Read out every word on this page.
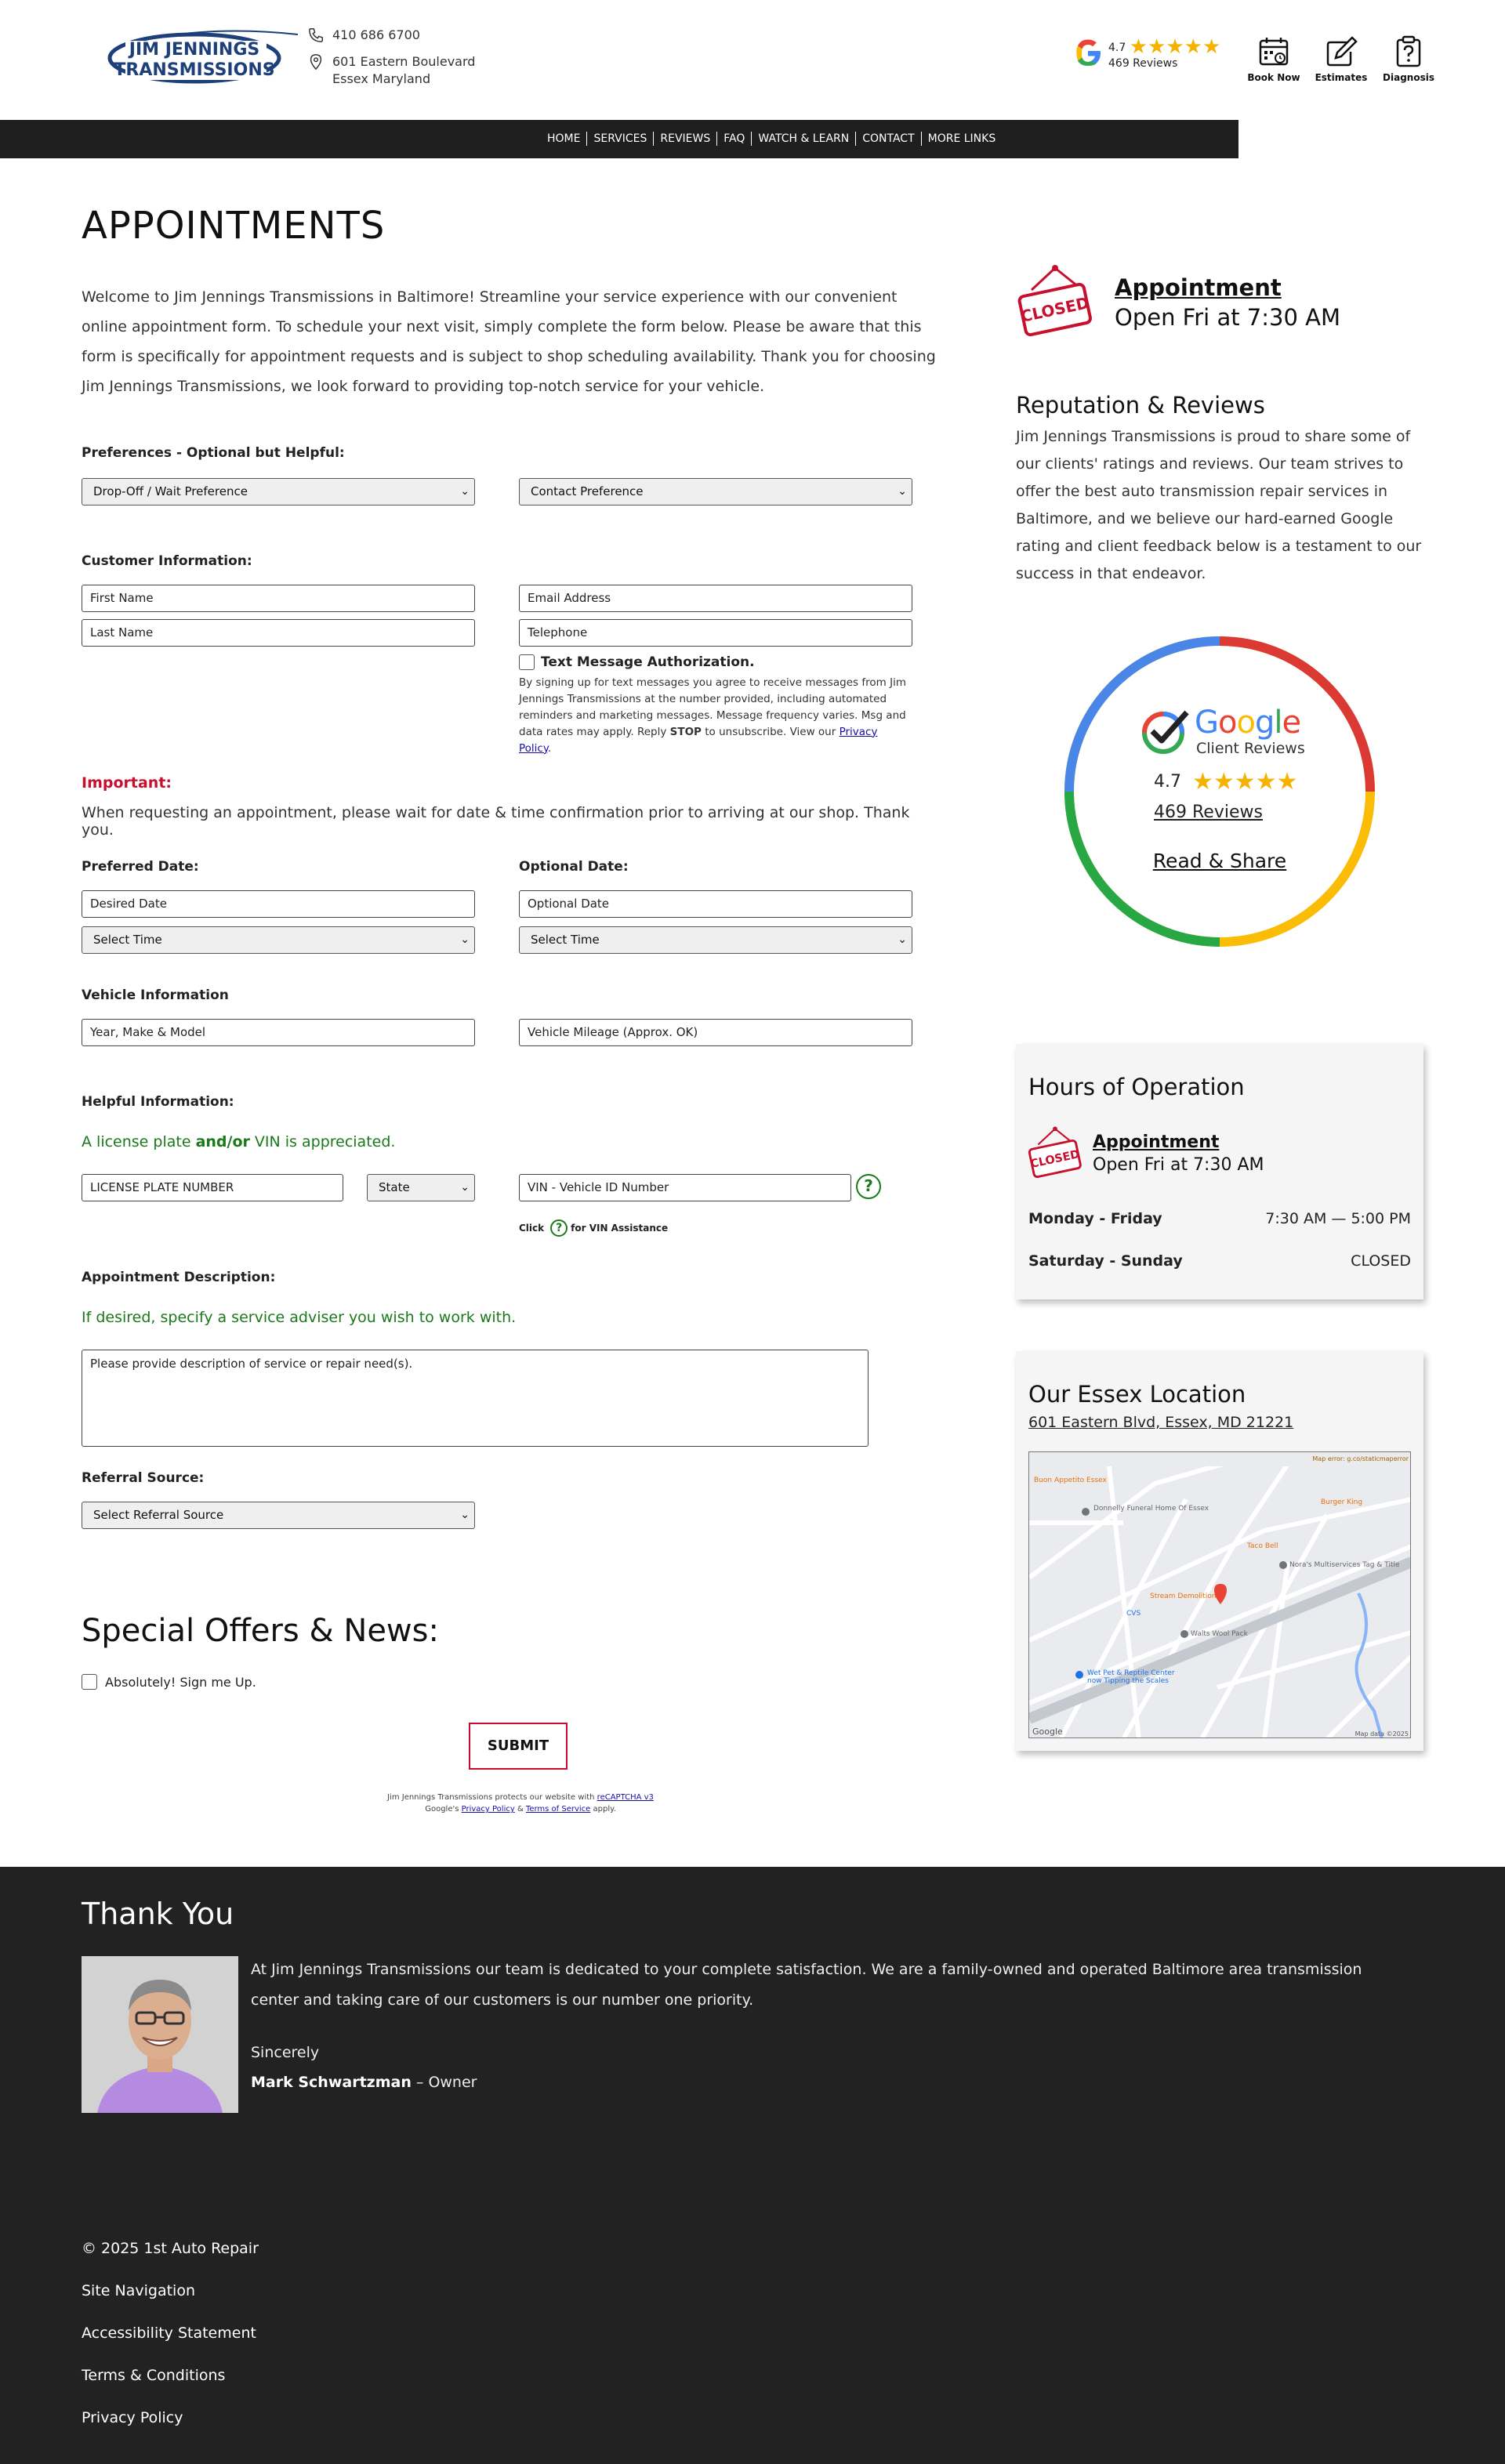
JIM JENNINGS
TRANSMISSIONS
410 686 6700
601 Eastern Boulevard
Essex Maryland
4.7 ★★★★★
469 Reviews
Book Now Estimates Diagnosis
HOME	SERVICES	REVIEWS	FAQ	WATCH & LEARN	CONTACT	MORE LINKS
APPOINTMENTS

Welcome to Jim Jennings Transmissions in Baltimore! Streamline your service experience with our convenient online appointment form. To schedule your next visit, simply complete the form below. Please be aware that this form is specifically for appointment requests and is subject to shop scheduling availability. Thank you for choosing Jim Jennings Transmissions, we look forward to providing top-notch service for your vehicle.

Preferences - Optional but Helpful:
Drop-Off / Wait Preference	⌄	Contact Preference	⌄
Customer Information:
First Name
Last Name
Email Address
Telephone
Text Message Authorization.
By signing up for text messages you agree to receive messages from Jim Jennings Transmissions at the number provided, including automated reminders and marketing messages. Message frequency varies. Msg and data rates may apply. Reply STOP to unsubscribe. View our Privacy Policy.
Important:
When requesting an appointment, please wait for date & time confirmation prior to arriving at our shop. Thank you.
Preferred Date:	Optional Date:
Desired Date	Optional Date
Select Time	⌄	Select Time	⌄
Vehicle Information
Year, Make & Model	Vehicle Mileage (Approx. OK)
Helpful Information:
A license plate and/or VIN is appreciated.
LICENSE PLATE NUMBER	State	⌄	VIN - Vehicle ID Number	?
Click	? for VIN Assistance
Appointment Description:
If desired, specify a service adviser you wish to work with.
Please provide description of service or repair need(s).
Referral Source:
Select Referral Source	⌄
Special Offers & News:
Absolutely! Sign me Up.
SUBMIT
Jim Jennings Transmissions protects our website with reCAPTCHA v3
Google's Privacy Policy & Terms of Service apply.
CLOSED
Appointment
Open Fri at 7:30 AM
Reputation & Reviews
Jim Jennings Transmissions is proud to share some of our clients' ratings and reviews. Our team strives to offer the best auto transmission repair services in Baltimore, and we believe our hard-earned Google rating and client feedback below is a testament to our success in that endeavor.
Google
Client Reviews
4.7 ★★★★★
469 Reviews
Read & Share
Hours of Operation
CLOSED
Appointment
Open Fri at 7:30 AM
Monday - Friday	7:30 AM — 5:00 PM
Saturday - Sunday	CLOSED
Our Essex Location
601 Eastern Blvd, Essex, MD 21221
Map error: g.co/staticmaperror
Buon Appetito Essex
Donnelly Funeral Home Of Essex
Burger King
Taco Bell
Nora's Multiservices Tag & Title
Stream Demolition
CVS
Walts Wool Pack
Wet Pet & Reptile Center
now Tipping the Scales
Google	Map data ©2025
Thank You
At Jim Jennings Transmissions our team is dedicated to your complete satisfaction. We are a family-owned and operated Baltimore area transmission center and taking care of our customers is our number one priority.
Sincerely
Mark Schwartzman – Owner
© 2025 1st Auto Repair
Site Navigation
Accessibility Statement
Terms & Conditions
Privacy Policy
